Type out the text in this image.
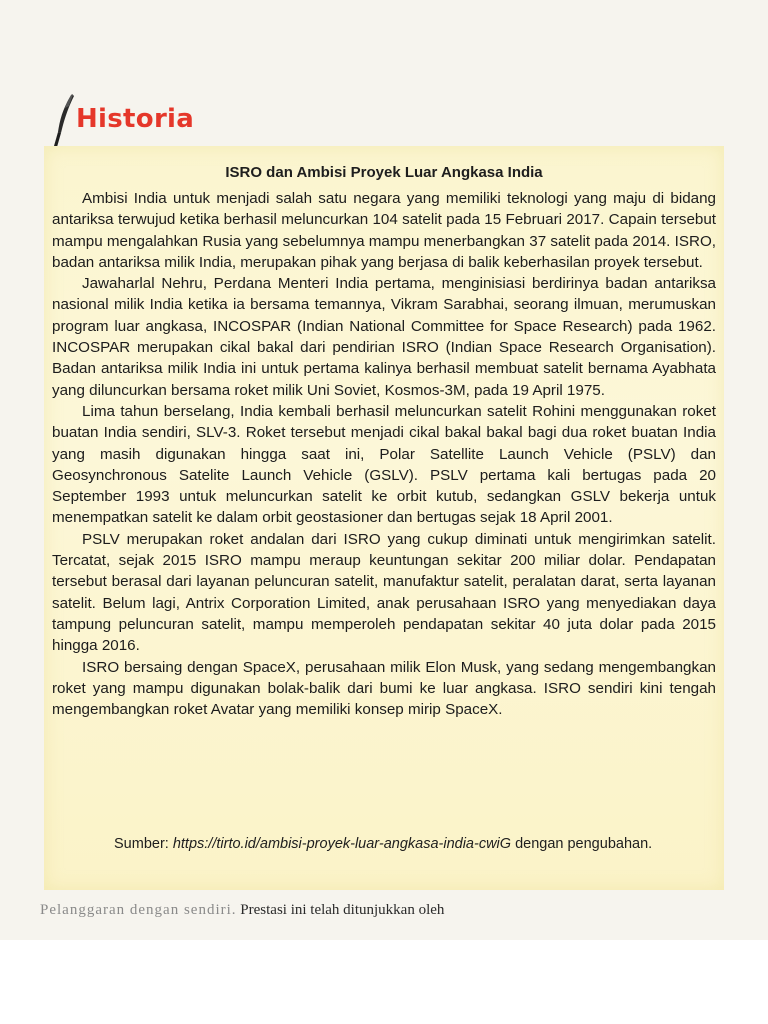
Historia
ISRO dan Ambisi Proyek Luar Angkasa India

Ambisi India untuk menjadi salah satu negara yang memiliki teknologi yang maju di bidang antariksa terwujud ketika berhasil meluncurkan 104 satelit pada 15 Februari 2017. Capain tersebut mampu mengalahkan Rusia yang sebelumnya mampu menerbangkan 37 satelit pada 2014. ISRO, badan antariksa milik India, merupakan pihak yang berjasa di balik keberhasilan proyek tersebut.

Jawaharlal Nehru, Perdana Menteri India pertama, menginisiasi berdirinya badan antariksa nasional milik India ketika ia bersama temannya, Vikram Sarabhai, seorang ilmuan, merumuskan program luar angkasa, INCOSPAR (Indian National Committee for Space Research) pada 1962. INCOSPAR merupakan cikal bakal dari pendirian ISRO (Indian Space Research Organisation). Badan antariksa milik India ini untuk pertama kalinya berhasil membuat satelit bernama Ayabhata yang diluncurkan bersama roket milik Uni Soviet, Kosmos-3M, pada 19 April 1975.

Lima tahun berselang, India kembali berhasil meluncurkan satelit Rohini menggunakan roket buatan India sendiri, SLV-3. Roket tersebut menjadi cikal bakal bakal bagi dua roket buatan India yang masih digunakan hingga saat ini, Polar Satellite Launch Vehicle (PSLV) dan Geosynchronous Satelite Launch Vehicle (GSLV). PSLV pertama kali bertugas pada 20 September 1993 untuk meluncurkan satelit ke orbit kutub, sedangkan GSLV bekerja untuk menempatkan satelit ke dalam orbit geostasioner dan bertugas sejak 18 April 2001.

PSLV merupakan roket andalan dari ISRO yang cukup diminati untuk mengirimkan satelit. Tercatat, sejak 2015 ISRO mampu meraup keuntungan sekitar 200 miliar dolar. Pendapatan tersebut berasal dari layanan peluncuran satelit, manufaktur satelit, peralatan darat, serta layanan satelit. Belum lagi, Antrix Corporation Limited, anak perusahaan ISRO yang menyediakan daya tampung peluncuran satelit, mampu memperoleh pendapatan sekitar 40 juta dolar pada 2015 hingga 2016.

ISRO bersaing dengan SpaceX, perusahaan milik Elon Musk, yang sedang mengembangkan roket yang mampu digunakan bolak-balik dari bumi ke luar angkasa. ISRO sendiri kini tengah mengembangkan roket Avatar yang memiliki konsep mirip SpaceX.

Sumber: https://tirto.id/ambisi-proyek-luar-angkasa-india-cwiG dengan pengubahan.
Pelanggaran dengan sendiri. Prestasi ini telah ditunjukkan oleh
